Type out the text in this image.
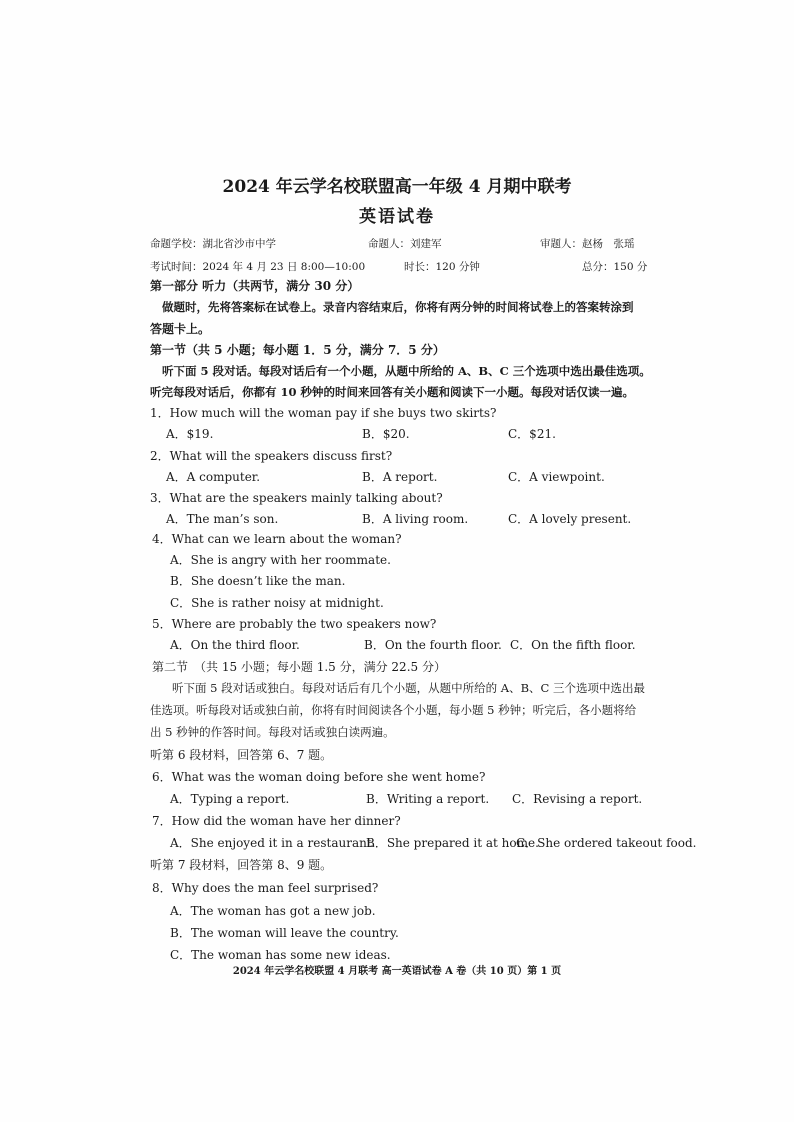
2024 年云学名校联盟高一年级 4 月期中联考
英语试卷
命题学校：湖北省沙市中学	命题人：刘建军	审题人：赵杨　张瑶
考试时间：2024 年 4 月 23 日 8:00—10:00	时长：120 分钟	总分：150 分
第一部分 听力（共两节，满分 30 分）
做题时，先将答案标在试卷上。录音内容结束后，你将有两分钟的时间将试卷上的答案转涂到
答题卡上。
第一节（共 5 小题；每小题 1．5 分，满分 7．5 分）
听下面 5 段对话。每段对话后有一个小题，从题中所给的 A、B、C 三个选项中选出最佳选项。
听完每段对话后，你都有 10 秒钟的时间来回答有关小题和阅读下一小题。每段对话仅读一遍。
1．How much will the woman pay if she buys two skirts?
A．$19.	B．$20.	C．$21.
2．What will the speakers discuss first?
A．A computer.	B．A report.	C．A viewpoint.
3．What are the speakers mainly talking about?
A．The man’s son.	B．A living room.	C．A lovely present.
4．What can we learn about the woman?
A．She is angry with her roommate.
B．She doesn’t like the man.
C．She is rather noisy at midnight.
5．Where are probably the two speakers now?
A．On the third floor.	B．On the fourth floor. C．On the fifth floor.
第二节　（共 15 小题；每小题 1.5 分，满分 22.5 分）
听下面 5 段对话或独白。每段对话后有几个小题，从题中所给的 A、B、C 三个选项中选出最
佳选项。听每段对话或独白前，你将有时间阅读各个小题，每小题 5 秒钟；听完后，各小题将给
出 5 秒钟的作答时间。每段对话或独白读两遍。
听第 6 段材料，回答第 6、7 题。
6．What was the woman doing before she went home?
A．Typing a report.	B．Writing a report. C．Revising a report.
7．How did the woman have her dinner?
A．She enjoyed it in a restaurant.
B．She prepared it at home.
C．She ordered takeout food.
听第 7 段材料，回答第 8、9 题。
8．Why does the man feel surprised?
A．The woman has got a new job.
B．The woman will leave the country.
C．The woman has some new ideas.
2024 年云学名校联盟 4 月联考 高一英语试卷 A 卷（共 10 页）第 1 页
